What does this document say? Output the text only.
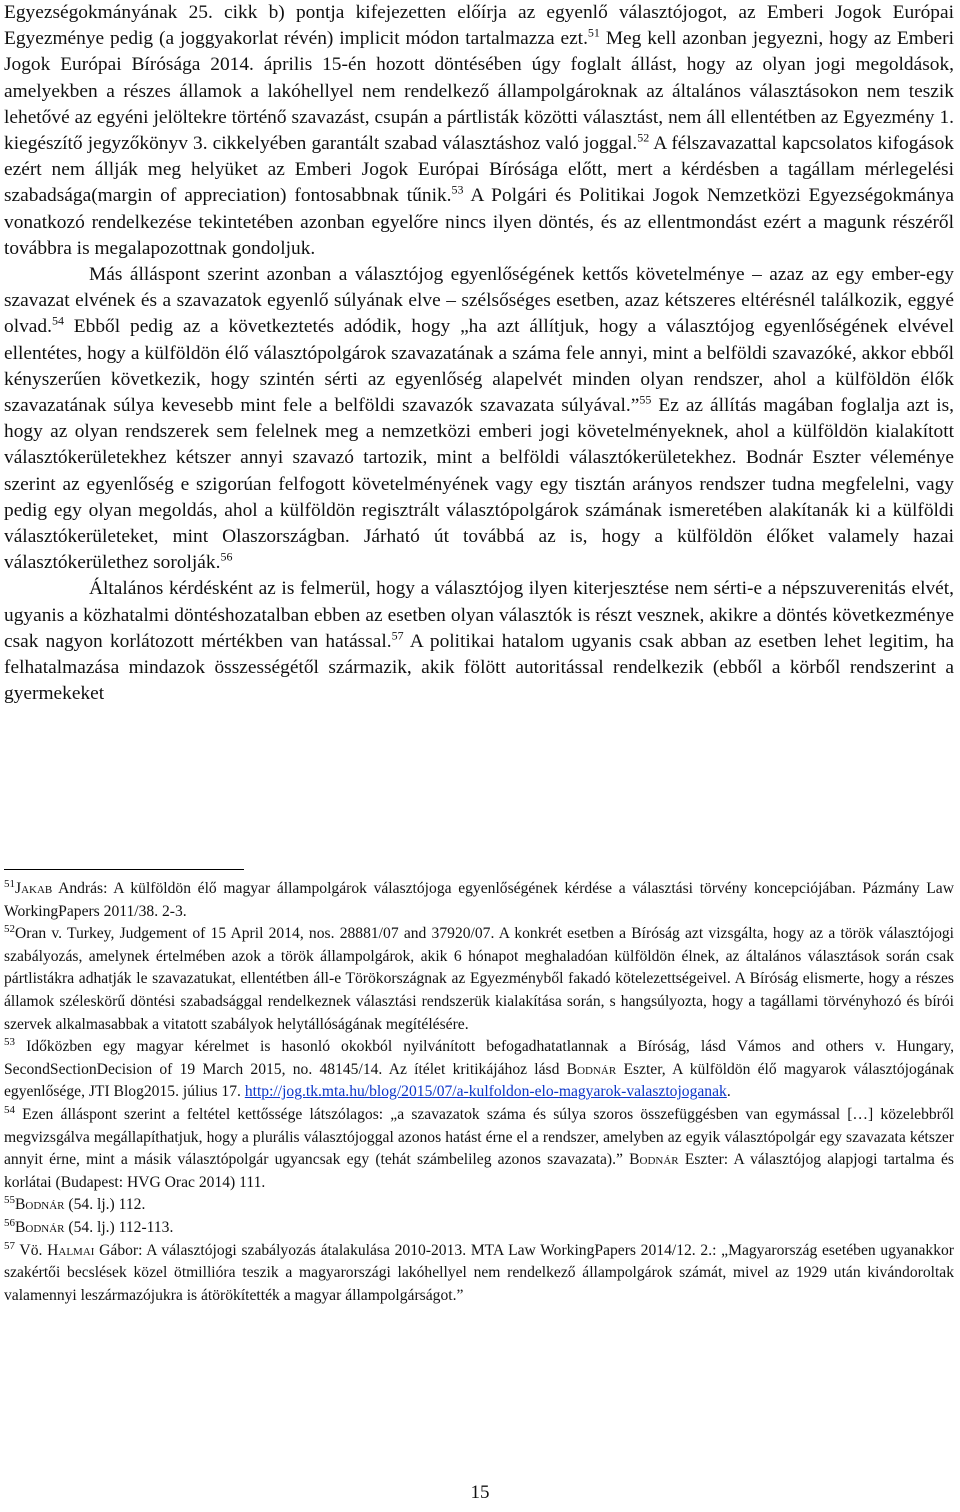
Egyezségokmányának 25. cikk b) pontja kifejezetten előírja az egyenlő választójogot, az Emberi Jogok Európai Egyezménye pedig (a joggyakorlat révén) implicit módon tartalmazza ezt.$^{51}$ Meg kell azonban jegyezni, hogy az Emberi Jogok Európai Bírósága 2014. április 15-én hozott döntésében úgy foglalt állást, hogy az olyan jogi megoldások, amelyekben a részes államok a lakóhellyel nem rendelkező állampolgároknak az általános választásokon nem teszik lehetővé az egyéni jelöltekre történő szavazást, csupán a pártlisták közötti választást, nem áll ellentétben az Egyezmény 1. kiegészítő jegyzőkönyv 3. cikkelyében garantált szabad választáshoz való joggal.$^{52}$ A félszavazattal kapcsolatos kifogások ezért nem állják meg helyüket az Emberi Jogok Európai Bírósága előtt, mert a kérdésben a tagállam mérlegelési szabadsága(margin of appreciation) fontosabbnak tűnik.$^{53}$ A Polgári és Politikai Jogok Nemzetközi Egyezségokmánya vonatkozó rendelkezése tekintetében azonban egyelőre nincs ilyen döntés, és az ellentmondást ezért a magunk részéről továbbra is megalapozottnak gondoljuk.

Más álláspont szerint azonban a választójog egyenlőségének kettős követelménye – azaz az egy ember-egy szavazat elvének és a szavazatok egyenlő súlyának elve – szélsőséges esetben, azaz kétszeres eltérésnél találkozik, eggyé olvad.$^{54}$ Ebből pedig az a következtetés adódik, hogy „ha azt állítjuk, hogy a választójog egyenlőségének elvével ellentétes, hogy a külföldön élő választópolgárok szavazatának a száma fele annyi, mint a belföldi szavazóké, akkor ebből kényszerűen következik, hogy szintén sérti az egyenlőség alapelvét minden olyan rendszer, ahol a külföldön élők szavazatának súlya kevesebb mint fele a belföldi szavazók szavazata súlyával.”$^{55}$ Ez az állítás magában foglalja azt is, hogy az olyan rendszerek sem felelnek meg a nemzetközi emberi jogi követelményeknek, ahol a külföldön kialakított választókerületekhez kétszer annyi szavazó tartozik, mint a belföldi választókerületekhez. Bodnár Eszter véleménye szerint az egyenlőség e szigorúan felfogott követelményének vagy egy tisztán arányos rendszer tudna megfelelni, vagy pedig egy olyan megoldás, ahol a külföldön regisztrált választópolgárok számának ismeretében alakítanák ki a külföldi választókerületeket, mint Olaszországban. Járható út továbbá az is, hogy a külföldön élőket valamely hazai választókerülethez sorolják.$^{56}$

Általános kérdésként az is felmerül, hogy a választójog ilyen kiterjesztése nem sérti-e a népszuverenitás elvét, ugyanis a közhatalmi döntéshozatalban ebben az esetben olyan választók is részt vesznek, akikre a döntés következménye csak nagyon korlátozott mértékben van hatással.$^{57}$ A politikai hatalom ugyanis csak abban az esetben lehet legitim, ha felhatalmazása mindazok összességétől származik, akik fölött autoritással rendelkezik (ebből a körből rendszerint a gyermekeket

$^{51}$Jakab András: A külföldön élő magyar állampolgárok választójoga egyenlőségének kérdése a választási törvény koncepciójában. Pázmány Law WorkingPapers 2011/38. 2-3.

$^{52}$Oran v. Turkey, Judgement of 15 April 2014, nos. 28881/07 and 37920/07. A konkrét esetben a Bíróság azt vizsgálta, hogy az a török választójogi szabályozás, amelynek értelmében azok a török állampolgárok, akik 6 hónapot meghaladóan külföldön élnek, az általános választások során csak pártlistákra adhatják le szavazatukat, ellentétben áll-e Törökországnak az Egyezményből fakadó kötelezettségeivel. A Bíróság elismerte, hogy a részes államok széleskörű döntési szabadsággal rendelkeznek választási rendszerük kialakítása során, s hangsúlyozta, hogy a tagállami törvényhozó és bírói szervek alkalmasabbak a vitatott szabályok helytállóságának megítélésére.

$^{53}$ Időközben egy magyar kérelmet is hasonló okokból nyilvánított befogadhatatlannak a Bíróság, lásd Vámos and others v. Hungary, SecondSectionDecision of 19 March 2015, no. 48145/14. Az ítélet kritikájához lásd Bodnár Eszter, A külföldön élő magyarok választójogának egyenlősége, JTI Blog2015. július 17. http://jog.tk.mta.hu/blog/2015/07/a-kulfoldon-elo-magyarok-valasztojoganak.

$^{54}$ Ezen álláspont szerint a feltétel kettőssége látszólagos: „a szavazatok száma és súlya szoros összefüggésben van egymással […] közelebbről megvizsgálva megállapíthatjuk, hogy a plurális választójoggal azonos hatást érne el a rendszer, amelyben az egyik választópolgár egy szavazata kétszer annyit érne, mint a másik választópolgár ugyancsak egy (tehát számbelileg azonos szavazata).” Bodnár Eszter: A választójog alapjogi tartalma és korlátai (Budapest: HVG Orac 2014) 111.

$^{55}$Bodnár (54. lj.) 112.

$^{56}$Bodnár (54. lj.) 112-113.

$^{57}$ Vö. Halmai Gábor: A választójogi szabályozás átalakulása 2010-2013. MTA Law WorkingPapers 2014/12. 2.: „Magyarország esetében ugyanakkor szakértői becslések közel ötmillióra teszik a magyarországi lakóhellyel nem rendelkező állampolgárok számát, mivel az 1929 után kivándoroltak valamennyi leszármazójukra is átörökítették a magyar állampolgárságot.”

15
